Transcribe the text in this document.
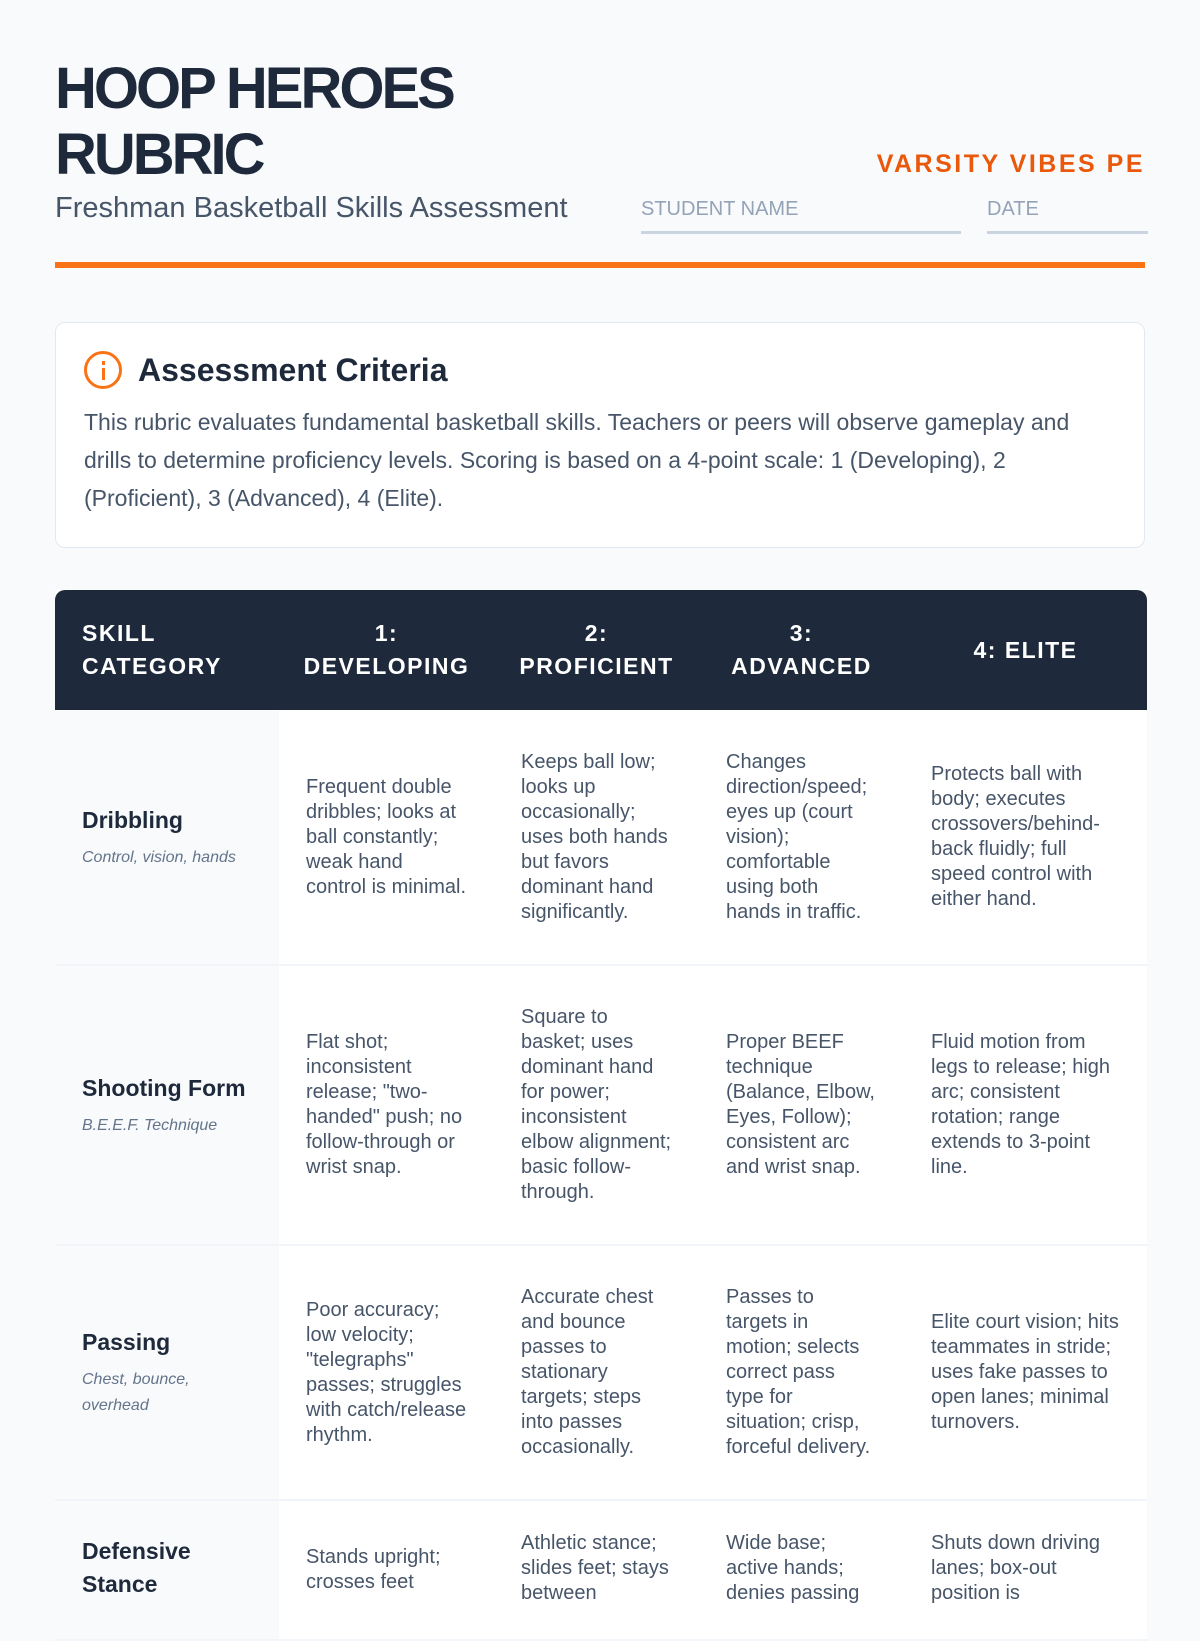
HOOP HEROES RUBRIC
Freshman Basketball Skills Assessment
VARSITY VIBES PE
STUDENT NAME	DATE
Assessment Criteria

This rubric evaluates fundamental basketball skills. Teachers or peers will observe gameplay and drills to determine proficiency levels. Scoring is based on a 4-point scale: 1 (Developing), 2 (Proficient), 3 (Advanced), 4 (Elite).

SKILL CATEGORY	1: DEVELOPING	2: PROFICIENT	3: ADVANCED	4: ELITE

Dribbling
Control, vision, hands	Frequent double dribbles; looks at ball constantly; weak hand control is minimal.	Keeps ball low; looks up occasionally; uses both hands but favors dominant hand significantly.	Changes direction/speed; eyes up (court vision); comfortable using both hands in traffic.	Protects ball with body; executes crossovers/behind-back fluidly; full speed control with either hand.

Shooting Form
B.E.E.F. Technique	Flat shot; inconsistent release; "two-handed" push; no follow-through or wrist snap.	Square to basket; uses dominant hand for power; inconsistent elbow alignment; basic follow-through.	Proper BEEF technique (Balance, Elbow, Eyes, Follow); consistent arc and wrist snap.	Fluid motion from legs to release; high arc; consistent rotation; range extends to 3-point line.

Passing
Chest, bounce, overhead	Poor accuracy; low velocity; "telegraphs" passes; struggles with catch/release rhythm.	Accurate chest and bounce passes to stationary targets; steps into passes occasionally.	Passes to targets in motion; selects correct pass type for situation; crisp, forceful delivery.	Elite court vision; hits teammates in stride; uses fake passes to open lanes; minimal turnovers.

Defensive Stance	Stands upright; crosses feet	Athletic stance; slides feet; stays between	Wide base; active hands; denies passing	Shuts down driving lanes; box-out position is
